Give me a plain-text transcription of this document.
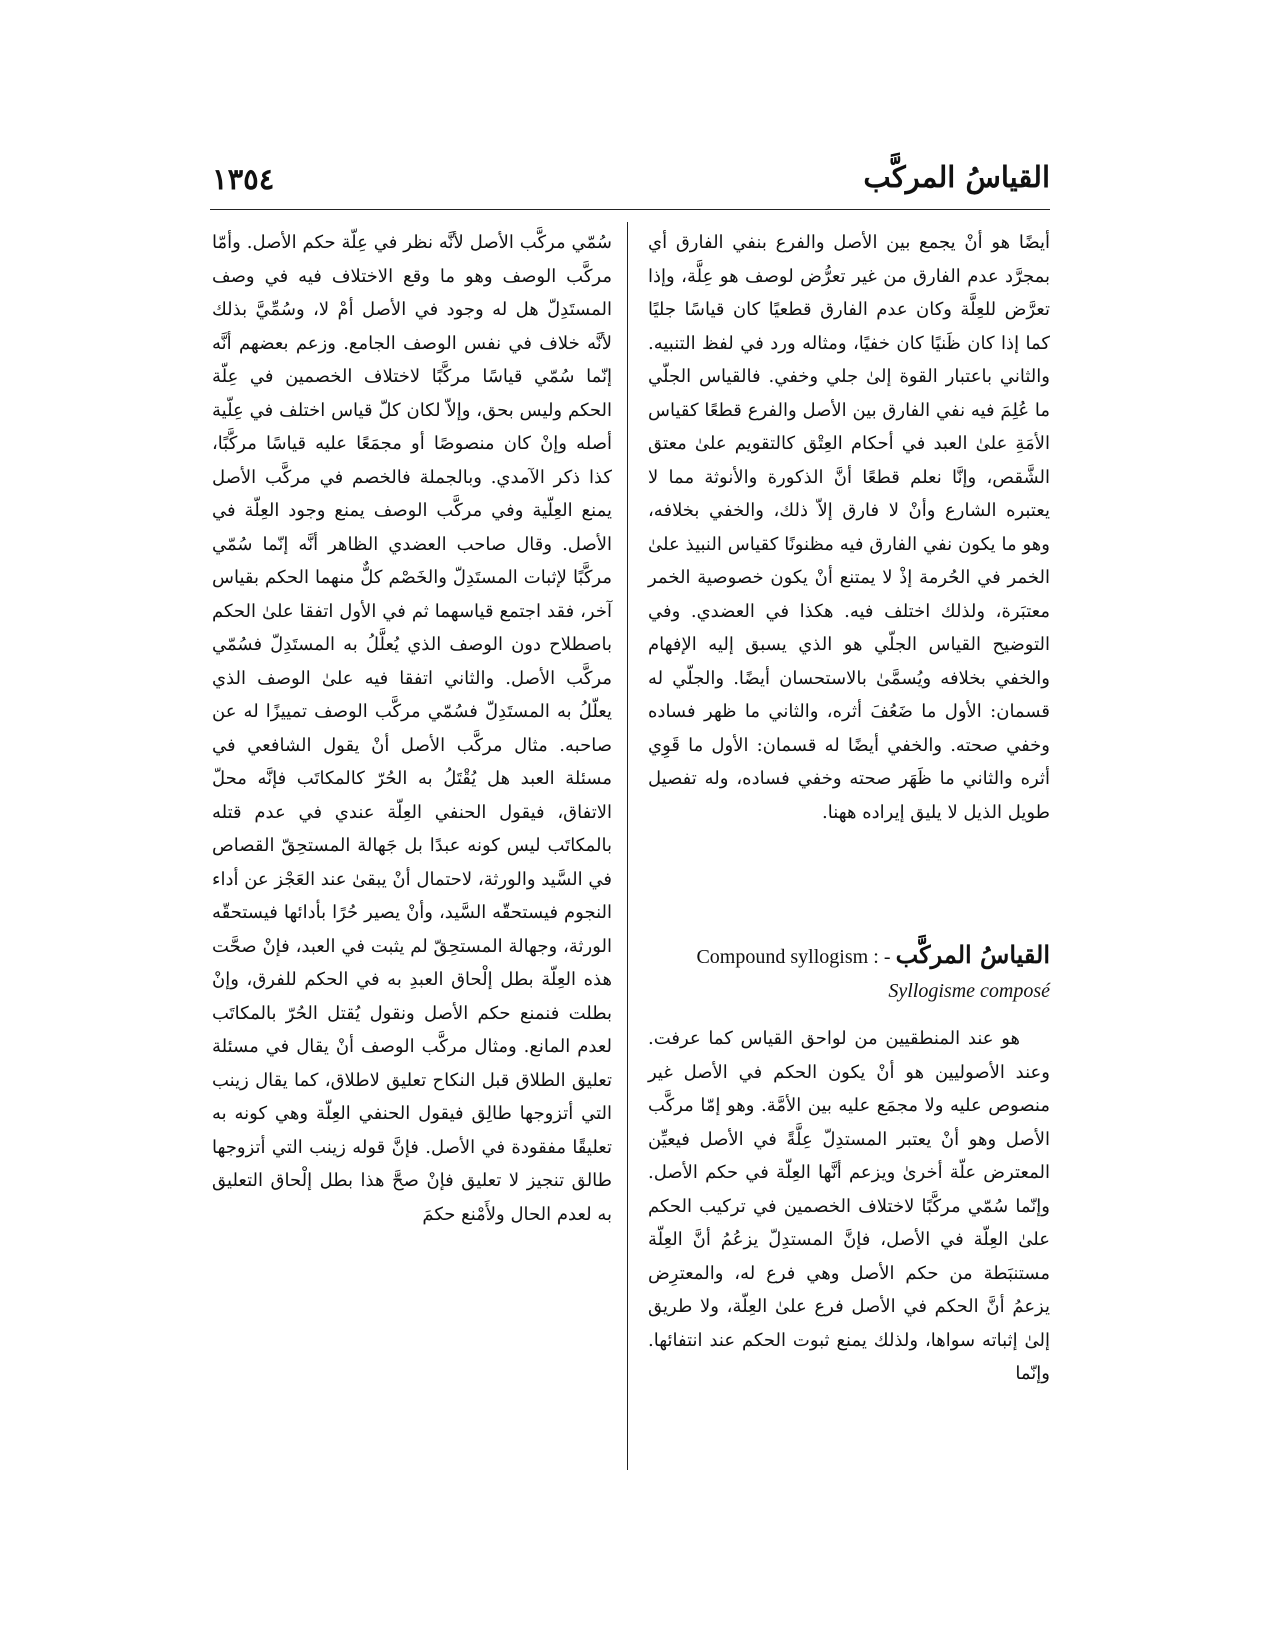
القياسُ المركَّب
١٣٥٤

أيضًا هو أنْ يجمع بين الأصل والفرع بنفي الفارق أي بمجرَّد عدم الفارق من غير تعرُّض لوصف هو عِلَّة، وإذا تعرَّض للعِلَّة وكان عدم الفارق قطعيًا كان قياسًا جليًا كما إذا كان ظَنيًا كان خفيًا، ومثاله ورد في لفظ التنبيه. والثاني باعتبار القوة إلىٰ جلي وخفي. فالقياس الجلّي ما عُلِمَ فيه نفي الفارق بين الأصل والفرع قطعًا كقياس الأمَةِ علىٰ العبد في أحكام العِتْق كالتقويم علىٰ معتق الشَّقص، وإنَّا نعلم قطعًا أنَّ الذكورة والأنوثة مما لا يعتبره الشارع وأنْ لا فارق إلاّ ذلك، والخفي بخلافه، وهو ما يكون نفي الفارق فيه مظنونًا كقياس النبيذ علىٰ الخمر في الحُرمة إذْ لا يمتنع أنْ يكون خصوصية الخمر معتبَرة، ولذلك اختلف فيه. هكذا في العضدي. وفي التوضيح القياس الجلّي هو الذي يسبق إليه الإفهام والخفي بخلافه ويُسمَّىٰ بالاستحسان أيضًا. والجلّي له قسمان: الأول ما ضَعُفَ أثره، والثاني ما ظهر فساده وخفي صحته. والخفي أيضًا له قسمان: الأول ما قَوِي أثره والثاني ما ظَهَر صحته وخفي فساده، وله تفصيل طويل الذيل لا يليق إيراده ههنا.

Compound syllogism : - القياسُ المركَّب
Syllogisme composé

هو عند المنطقيين من لواحق القياس كما عرفت. وعند الأصوليين هو أنْ يكون الحكم في الأصل غير منصوص عليه ولا مجمَع عليه بين الأمَّة. وهو إمّا مركَّب الأصل وهو أنْ يعتبر المستدِلّ عِلَّةً في الأصل فيعيِّن المعترض علّة أخرىٰ ويزعم أنَّها العِلّة في حكم الأصل. وإنّما سُمّي مركَّبًا لاختلاف الخصمين في تركيب الحكم علىٰ العِلّة في الأصل، فإنَّ المستدِلّ يزعُمُ أنَّ العِلّة مستنبَطة من حكم الأصل وهي فرع له، والمعترِض يزعمُ أنَّ الحكم في الأصل فرع علىٰ العِلّة، ولا طريق إلىٰ إثباته سواها، ولذلك يمنع ثبوت الحكم عند انتفائها. وإنّما

سُمّي مركَّب الأصل لأنَّه نظر في عِلّة حكم الأصل. وأمّا مركَّب الوصف وهو ما وقع الاختلاف فيه في وصف المستَدِلّ هل له وجود في الأصل أمْ لا، وسُمِّيَّ بذلك لأنَّه خلاف في نفس الوصف الجامع. وزعم بعضهم أنَّه إنّما سُمّي قياسًا مركَّبًا لاختلاف الخصمين في عِلّة الحكم وليس بحق، وإلاّ لكان كلّ قياس اختلف في عِلّية أصله وإنْ كان منصوصًا أو مجمَعًا عليه قياسًا مركَّبًا، كذا ذكر الآمدي. وبالجملة فالخصم في مركَّب الأصل يمنع العِلّية وفي مركَّب الوصف يمنع وجود العِلّة في الأصل. وقال صاحب العضدي الظاهر أنَّه إنّما سُمّي مركَّبًا لإثبات المستَدِلّ والخَصْم كلٌّ منهما الحكم بقياس آخر، فقد اجتمع قياسهما ثم في الأول اتفقا علىٰ الحكم باصطلاح دون الوصف الذي يُعلَّلُ به المستَدِلّ فسُمّي مركَّب الأصل. والثاني اتفقا فيه علىٰ الوصف الذي يعلّلُ به المستَدِلّ فسُمّي مركَّب الوصف تمييزًا له عن صاحبه. مثال مركَّب الأصل أنْ يقول الشافعي في مسئلة العبد هل يُقْتَلُ به الحُرّ كالمكاتَب فإنَّه محلّ الاتفاق، فيقول الحنفي العِلّة عندي في عدم قتله بالمكاتَب ليس كونه عبدًا بل جَهالة المستحِقّ القصاص في السَّيد والورثة، لاحتمال أنْ يبقىٰ عند العَجْز عن أداء النجوم فيستحقّه السَّيد، وأنْ يصير حُرًا بأدائها فيستحقّه الورثة، وجهالة المستحِقّ لم يثبت في العبد، فإنْ صحَّت هذه العِلّة بطل إلْحاق العبدِ به في الحكم للفرق، وإنْ بطلت فنمنع حكم الأصل ونقول يُقتل الحُرّ بالمكاتَب لعدم المانع. ومثال مركَّب الوصف أنْ يقال في مسئلة تعليق الطلاق قبل النكاح تعليق لاطلاق، كما يقال زينب التي أتزوجها طالِق فيقول الحنفي العِلّة وهي كونه به تعليقًا مفقودة في الأصل. فإنَّ قوله زينب التي أتزوجها طالق تنجيز لا تعليق فإنْ صحَّ هذا بطل إلْحاق التعليق به لعدم الحال ولأَمْنع حكمَ
